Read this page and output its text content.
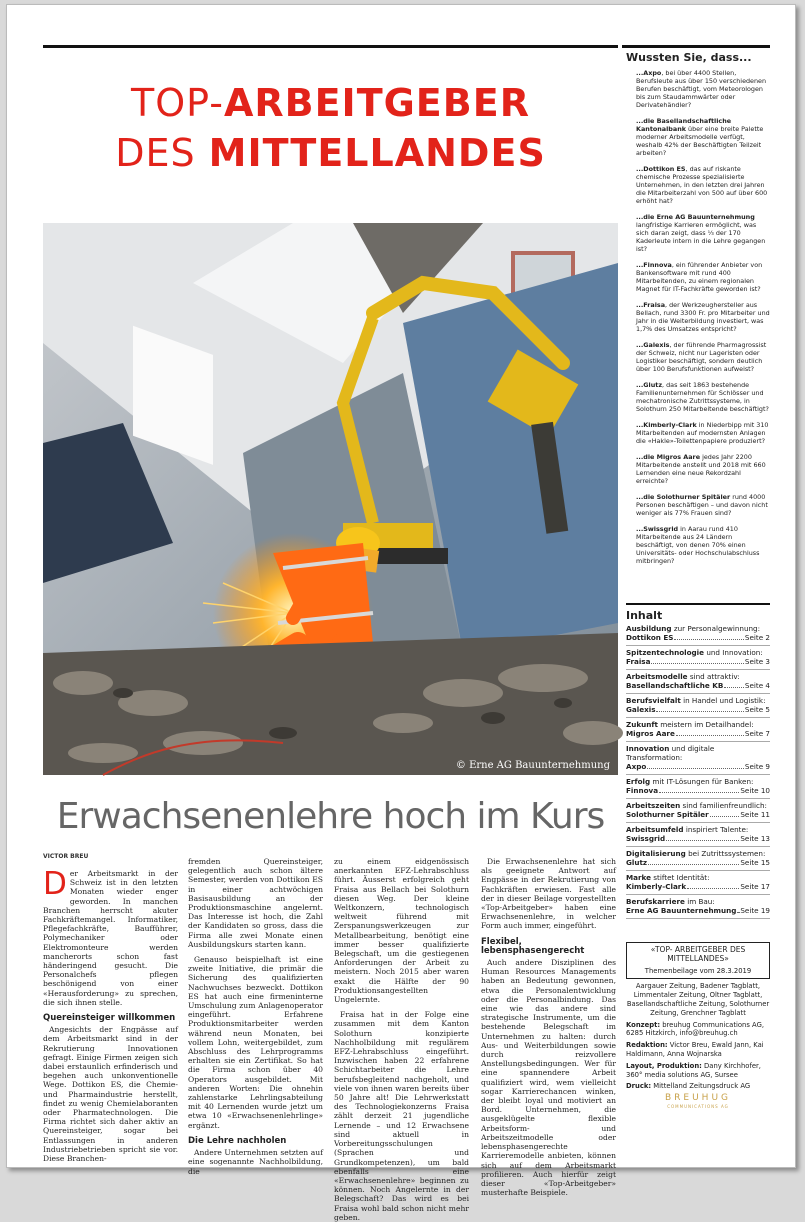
TOP-ARBEITGEBER
DES MITTELLANDES
© Erne AG Bauunternehmung
Erwachsenenlehre hoch im Kurs
VICTOR BREU
D er Arbeitsmarkt in der Schweiz ist in den letzten Monaten wieder enger geworden. In manchen Branchen herrscht akuter Fachkräftemangel. Informatiker, Pflegefachkräfte, Baufführer, Polymechaniker oder Elektromonteure werden mancherorts schon fast händeringend gesucht. Die Personalchefs pflegen beschönigend von einer «Herausforderung» zu sprechen, die sich ihnen stelle.

Quereinsteiger willkommen

Angesichts der Engpässe auf dem Arbeitsmarkt sind in der Rekrutierung Innovationen gefragt. Einige Firmen zeigen sich dabei erstaunlich erfinderisch und begehen auch unkonventionelle Wege. Dottikon ES, die Chemie- und Pharmaindustrie herstellt, findet zu wenig Chemielaboranten oder Pharmatechnologen. Die Firma richtet sich daher aktiv an Quereinsteiger, sogar bei Entlassungen in anderen Industriebetrieben spricht sie vor. Diese Branchen-

fremden Quereinsteiger, gelegentlich auch schon ältere Semester, werden von Dottikon ES in einer achtwöchigen Basisausbildung an der Produktionsmaschine angelernt. Das Interesse ist hoch, die Zahl der Kandidaten so gross, dass die Firma alle zwei Monate einen Ausbildungskurs starten kann.

Genauso beispielhaft ist eine zweite Initiative, die primär die Sicherung des qualifizierten Nachwuchses bezweckt. Dottikon ES hat auch eine firmeninterne Umschulung zum Anlagenoperator eingeführt. Erfahrene Produktionsmitarbeiter werden während neun Monaten, bei vollem Lohn, weitergebildet, zum Abschluss des Lehrprogramms erhalten sie ein Zertifikat. So hat die Firma schon über 40 Operators ausgebildet. Mit anderen Worten: Die ohnehin zahlenstarke Lehrlingsabteilung mit 40 Lernenden wurde jetzt um etwa 10 «Erwachsenenlehrlinge» ergänzt.

Die Lehre nachholen

Andere Unternehmen setzten auf eine sogenannte Nachholbildung, die

zu einem eidgenössisch anerkannten EFZ-Lehrabschluss führt. Äusserst erfolgreich geht Fraisa aus Bellach bei Solothurn diesen Weg. Der kleine Weltkonzern, technologisch weltweit führend mit Zerspanungswerkzeugen zur Metallbearbeitung, benötigt eine immer besser qualifizierte Belegschaft, um die gestiegenen Anforderungen der Arbeit zu meistern. Noch 2015 aber waren exakt die Hälfte der 90 Produktionsangestellten Ungelernte.

Fraisa hat in der Folge eine zusammen mit dem Kanton Solothurn konzipierte Nachholbildung mit regulärem EFZ-Lehrabschluss eingeführt. Inzwischen haben 22 erfahrene Schichtarbeiter die Lehre berufsbegleitend nachgeholt, und viele von ihnen waren bereits über 50 Jahre alt! Die Lehrwerkstatt des Technologiekonzerns Fraisa zählt derzeit 21 jugendliche Lernende – und 12 Erwachsene sind aktuell in Vorbereitungsschulungen (Sprachen und Grundkompetenzen), um bald ebenfalls eine «Erwachsenenlehre» beginnen zu können. Noch Angelernte in der Belegschaft? Das wird es bei Fraisa wohl bald schon nicht mehr geben.

Die Erwachsenenlehre hat sich als geeignete Antwort auf Engpässe in der Rekrutierung von Fachkräften erwiesen. Fast alle der in dieser Beilage vorgestellten «Top-Arbeitgeber» haben eine Erwachsenenlehre, in welcher Form auch immer, eingeführt.

Flexibel, lebensphasengerecht

Auch andere Disziplinen des Human Resources Managements haben an Bedeutung gewonnen, etwa die Personalentwicklung oder die Personalbindung. Das eine wie das andere sind strategische Instrumente, um die bestehende Belegschaft im Unternehmen zu halten: durch Aus- und Weiterbildungen sowie durch reizvollere Anstellungsbedingungen. Wer für eine spannendere Arbeit qualifiziert wird, wem vielleicht sogar Karrierechancen winken, der bleibt loyal und motiviert an Bord. Unternehmen, die ausgeklügelte flexible Arbeitsform- und Arbeitszeitmodelle oder lebensphasengerechte Karrieremodelle anbieten, können sich auf dem Arbeitsmarkt profilieren. Auch hierfür zeigt dieser «Top-Arbeitgeber» musterhafte Beispiele.

Wussten Sie, dass...
...Axpo, bei über 4400 Stellen, Berufsleute aus über 150 verschiedenen Berufen beschäftigt, vom Meteorologen bis zum Staudammwärter oder Derivatehändler?
...die Basellandschaftliche Kantonalbank über eine breite Palette moderner Arbeitsmodelle verfügt, weshalb 42% der Beschäftigten Teilzeit arbeiten?
...Dottikon ES, das auf riskante chemische Prozesse spezialisierte Unternehmen, in den letzten drei Jahren die Mitarbeiterzahl von 500 auf über 600 erhöht hat?
...die Erne AG Bauunternehmung langfristige Karrieren ermöglicht, was sich daran zeigt, dass ⅓ der 170 Kaderleute intern in die Lehre gegangen ist?
...Finnova, ein führender Anbieter von Bankensoftware mit rund 400 Mitarbeitenden, zu einem regionalen Magnet für IT-Fachkräfte geworden ist?
...Fraisa, der Werkzeughersteller aus Bellach, rund 3300 Fr. pro Mitarbeiter und Jahr in die Weiterbildung investiert, was 1,7% des Umsatzes entspricht?
...Galexis, der führende Pharmagrossist der Schweiz, nicht nur Lageristen oder Logistiker beschäftigt, sondern deutlich über 100 Berufsfunktionen aufweist?
...Glutz, das seit 1863 bestehende Familienunternehmen für Schlösser und mechatronische Zutrittssysteme, in Solothurn 250 Mitarbeitende beschäftigt?
...Kimberly-Clark in Niederbipp mit 310 Mitarbeitenden auf modernsten Anlagen die «Hakle»-Toilettenpapiere produziert?
...die Migros Aare jedes Jahr 2200 Mitarbeitende anstellt und 2018 mit 660 Lernenden eine neue Rekordzahl erreichte?
...die Solothurner Spitäler rund 4000 Personen beschäftigen – und davon nicht weniger als 77% Frauen sind?
...Swissgrid in Aarau rund 410 Mitarbeitende aus 24 Ländern beschäftigt, von denen 70% einen Universitäts- oder Hochschulabschluss mitbringen?
Inhalt
Ausbildung zur Personalgewinnung:
Dottikon ES	Seite 2
Spitzentechnologie und Innovation:
Fraisa	Seite 3
Arbeitsmodelle sind attraktiv:
Basellandschaftliche KB	Seite 4
Berufsvielfalt in Handel und Logistik:
Galexis	Seite 5
Zukunft meistern im Detailhandel:
Migros Aare	Seite 7
Innovation und digitale Transformation:
Axpo	Seite 9
Erfolg mit IT-Lösungen für Banken:
Finnova	Seite 10
Arbeitszeiten sind familienfreundlich:
Solothurner Spitäler	Seite 11
Arbeitsumfeld inspiriert Talente:
Swissgrid	Seite 13
Digitalisierung bei Zutrittssystemen:
Glutz	Seite 15
Marke stiftet Identität:
Kimberly-Clark	Seite 17
Berufskarriere im Bau:
Erne AG Bauunternehmung Seite 19
«TOP- ARBEITGEBER DES MITTELLANDES»
Themenbeilage vom 28.3.2019

Aargauer Zeitung, Badener Tagblatt, Limmentaler Zeitung, Oltner Tagblatt, Basellandschaftliche Zeitung, Solothurner Zeitung, Grenchner Tagblatt

Konzept: breuhug Communications AG, 6285 Hitzkirch, info@breuhug.ch

Redaktion: Victor Breu, Ewald Jann, Kai Haldimann, Anna Wojnarska

Layout, Produktion: Dany Kirchhofer, 360° media solutions AG, Sursee

Druck: Mittelland Zeitungsdruck AG

BREUHUG
COMMUNICATIONS AG
